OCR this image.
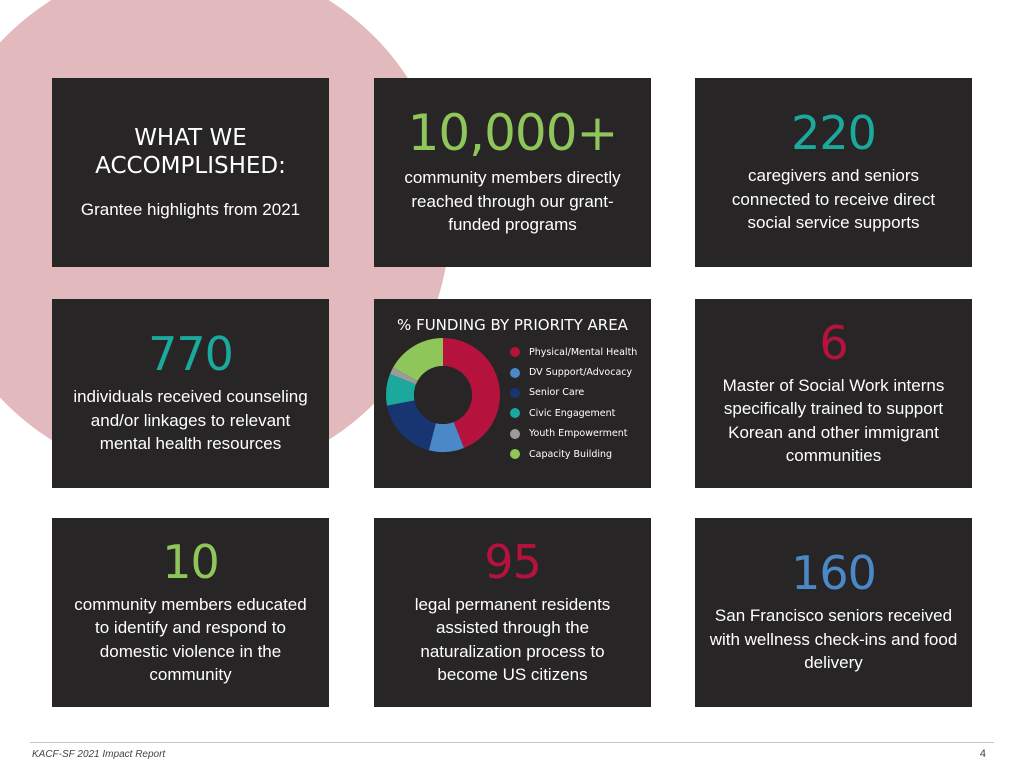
WHAT WE ACCOMPLISHED:
Grantee highlights from 2021
10,000+
community members directly reached through our grant-funded programs
220
caregivers and seniors connected to receive direct social service supports
770
individuals received counseling and/or linkages to relevant mental health resources
% FUNDING BY PRIORITY AREA
Physical/Mental Health
DV Support/Advocacy
Senior Care
Civic Engagement
Youth Empowerment
Capacity Building
6
Master of Social Work interns specifically trained to support Korean and other immigrant communities
10
community members educated to identify and respond to domestic violence in the community
95
legal permanent residents assisted through the naturalization process to become US citizens
160
San Francisco seniors received with wellness check-ins and food delivery
KACF-SF 2021 Impact Report	4
